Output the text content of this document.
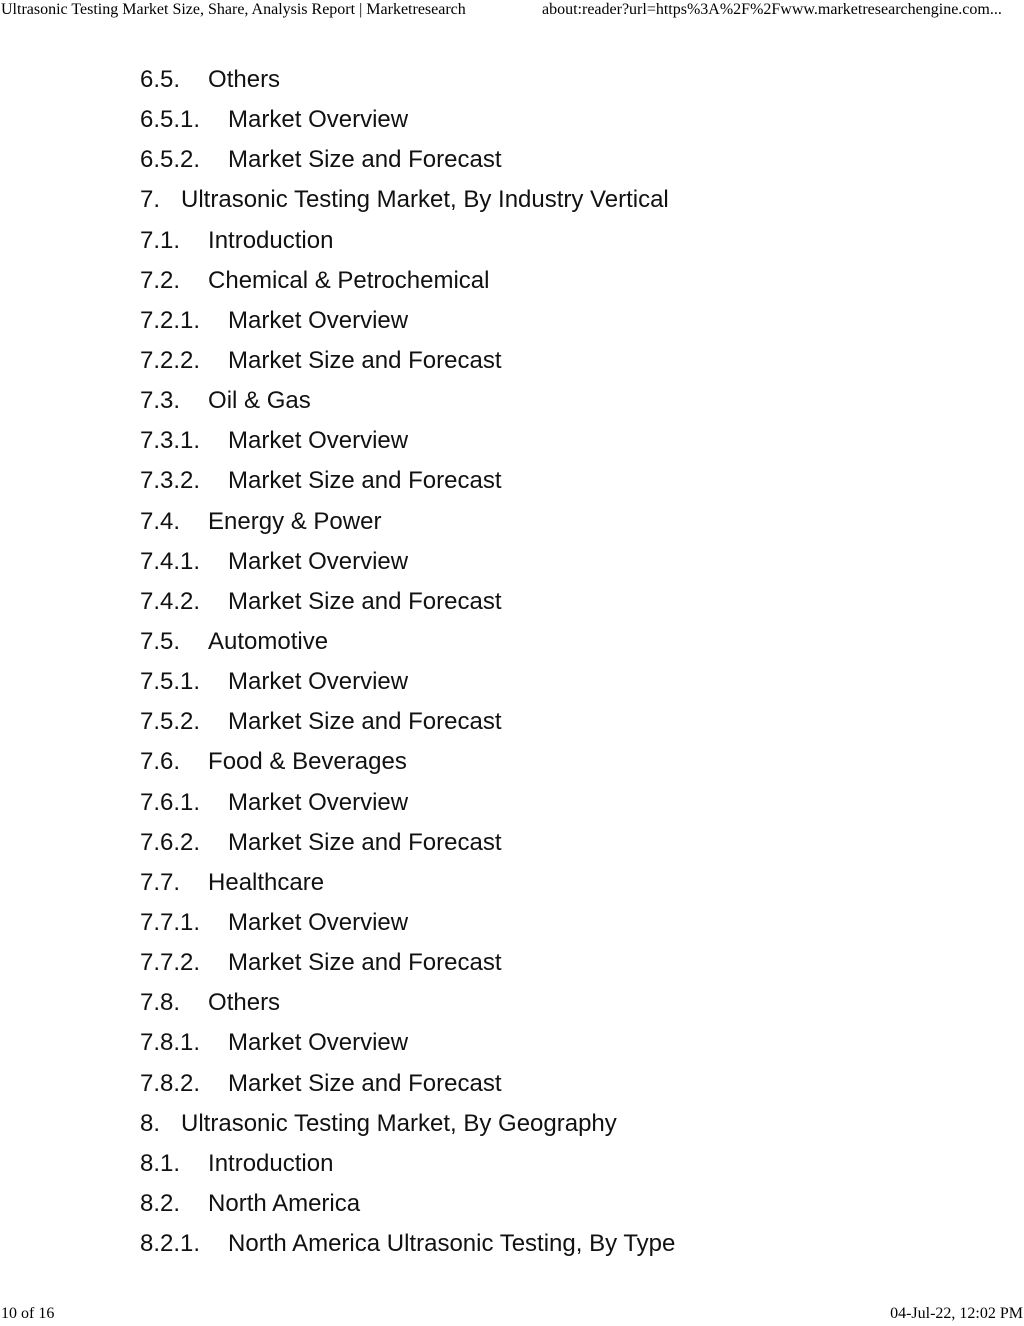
Ultrasonic Testing Market Size, Share, Analysis Report | Marketresearch	about:reader?url=https%3A%2F%2Fwww.marketresearchengine.com...
6.5. Others
6.5.1. Market Overview
6.5.2. Market Size and Forecast
7. Ultrasonic Testing Market, By Industry Vertical
7.1. Introduction
7.2. Chemical & Petrochemical
7.2.1. Market Overview
7.2.2. Market Size and Forecast
7.3. Oil & Gas
7.3.1. Market Overview
7.3.2. Market Size and Forecast
7.4. Energy & Power
7.4.1. Market Overview
7.4.2. Market Size and Forecast
7.5. Automotive
7.5.1. Market Overview
7.5.2. Market Size and Forecast
7.6. Food & Beverages
7.6.1. Market Overview
7.6.2. Market Size and Forecast
7.7. Healthcare
7.7.1. Market Overview
7.7.2. Market Size and Forecast
7.8. Others
7.8.1. Market Overview
7.8.2. Market Size and Forecast
8. Ultrasonic Testing Market, By Geography
8.1. Introduction
8.2. North America
8.2.1. North America Ultrasonic Testing, By Type
10 of 16	04-Jul-22, 12:02 PM
